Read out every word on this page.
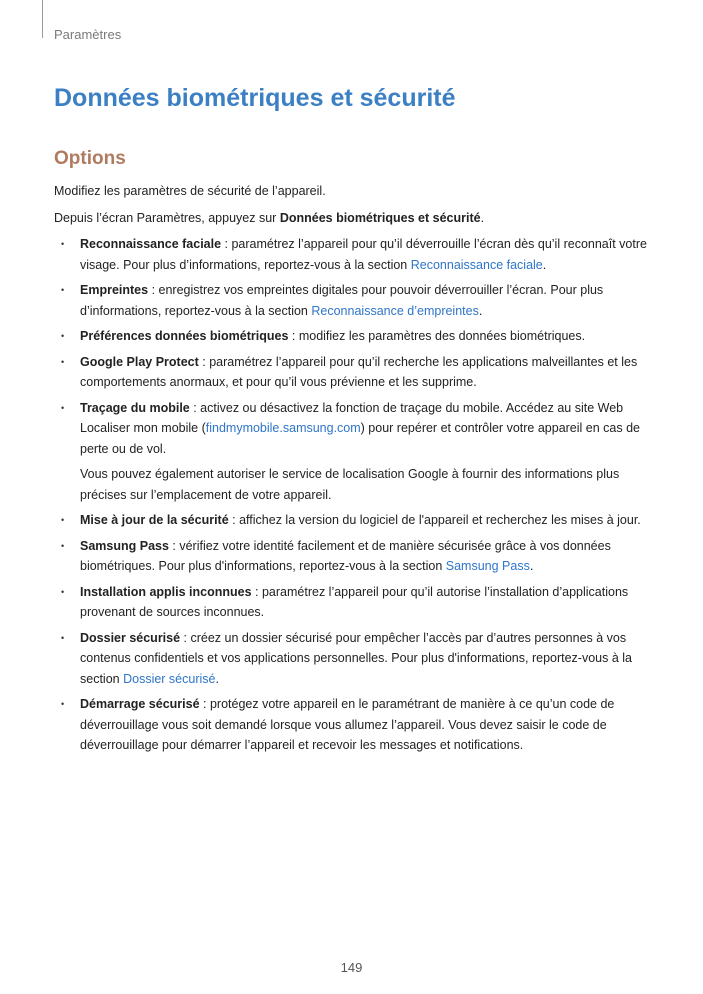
Paramètres
Données biométriques et sécurité
Options

Modifiez les paramètres de sécurité de l’appareil.

Depuis l’écran Paramètres, appuyez sur Données biométriques et sécurité.

• Reconnaissance faciale : paramétrez l’appareil pour qu’il déverrouille l’écran dès qu’il reconnaît votre visage. Pour plus d’informations, reportez-vous à la section Reconnaissance faciale.
• Empreintes : enregistrez vos empreintes digitales pour pouvoir déverrouiller l’écran. Pour plus d’informations, reportez-vous à la section Reconnaissance d’empreintes.
• Préférences données biométriques : modifiez les paramètres des données biométriques.
• Google Play Protect : paramétrez l’appareil pour qu’il recherche les applications malveillantes et les comportements anormaux, et pour qu’il vous prévienne et les supprime.
• Traçage du mobile : activez ou désactivez la fonction de traçage du mobile. Accédez au site Web Localiser mon mobile (findmymobile.samsung.com) pour repérer et contrôler votre appareil en cas de perte ou de vol.

Vous pouvez également autoriser le service de localisation Google à fournir des informations plus précises sur l’emplacement de votre appareil.

• Mise à jour de la sécurité : affichez la version du logiciel de l'appareil et recherchez les mises à jour.
• Samsung Pass : vérifiez votre identité facilement et de manière sécurisée grâce à vos données biométriques. Pour plus d'informations, reportez-vous à la section Samsung Pass.
• Installation applis inconnues : paramétrez l’appareil pour qu’il autorise l’installation d’applications provenant de sources inconnues.
• Dossier sécurisé : créez un dossier sécurisé pour empêcher l’accès par d’autres personnes à vos contenus confidentiels et vos applications personnelles. Pour plus d'informations, reportez-vous à la section Dossier sécurisé.
• Démarrage sécurisé : protégez votre appareil en le paramétrant de manière à ce qu’un code de déverrouillage vous soit demandé lorsque vous allumez l’appareil. Vous devez saisir le code de déverrouillage pour démarrer l’appareil et recevoir les messages et notifications.
149
